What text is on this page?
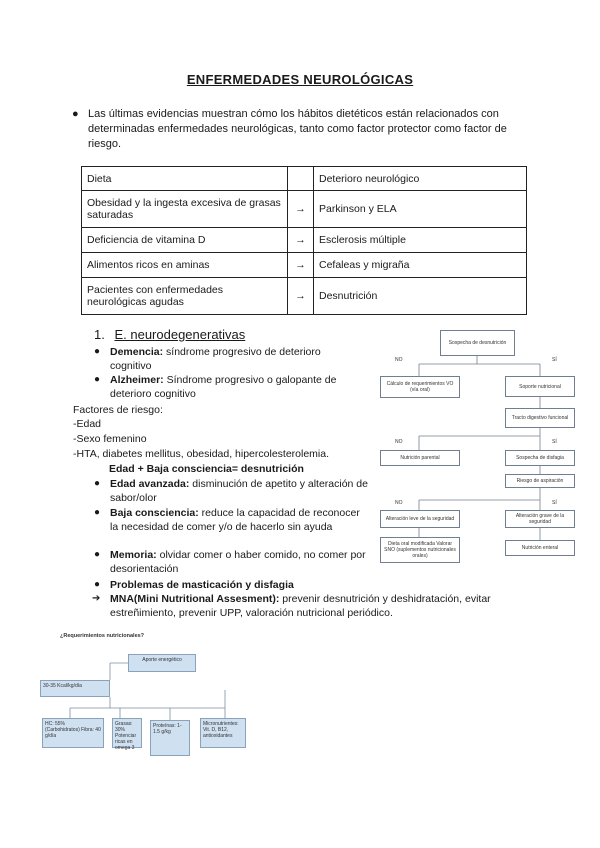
ENFERMEDADES NEUROLÓGICAS
● Las últimas evidencias muestran cómo los hábitos dietéticos están relacionados con determinadas enfermedades neurológicas, tanto como factor protector como factor de riesgo.
Dieta		Deterioro neurológico
Obesidad y la ingesta excesiva de grasas saturadas	→	Parkinson y ELA
Deficiencia de vitamina D	→	Esclerosis múltiple
Alimentos ricos en aminas	→	Cefaleas y migraña
Pacientes con enfermedades neurológicas agudas	→	Desnutrición
1. E. neurodegenerativas
● Demencia: síndrome progresivo de deterioro cognitivo
● Alzheimer: Síndrome progresivo o galopante de deterioro cognitivo
Factores de riesgo:
-Edad
-Sexo femenino
-HTA, diabetes mellitus, obesidad, hipercolesterolemia.
Edad + Baja consciencia= desnutrición
● Edad avanzada: disminución de apetito y alteración de sabor/olor
● Baja consciencia: reduce la capacidad de reconocer la necesidad de comer y/o de hacerlo sin ayuda
● Memoria: olvidar comer o haber comido, no comer por desorientación
● Problemas de masticación y disfagia
➔ MNA(Mini Nutritional Assesment): prevenir desnutrición y deshidratación, evitar estreñimiento, prevenir UPP, valoración nutricional periódico.
Sospecha de desnutrición
NO	SÍ
Cálculo de requerimientos VO (vía oral)
Soporte nutricional
Tracto digestivo funcional
NO	SÍ
Nutrición parental	Sospecha de disfagia
Riesgo de aspiración
NO	SÍ
Alteración leve de la seguridad	Alteración grave de la seguridad
Dieta oral modificada Valorar SNO (suplementos nutricionales orales)
Nutrición enteral
¿Requerimientos nutricionales?
Aporte energético
30-35 Kcal/kg/día
HC: 55% (Carbohidratos) Fibra: 40 g/día
Grasas: 30% Potenciar ricas en omega 3
Proteínas: 1-1.5 g/kg
Micronutrientes: Vit. D, B12, antioxidantes
